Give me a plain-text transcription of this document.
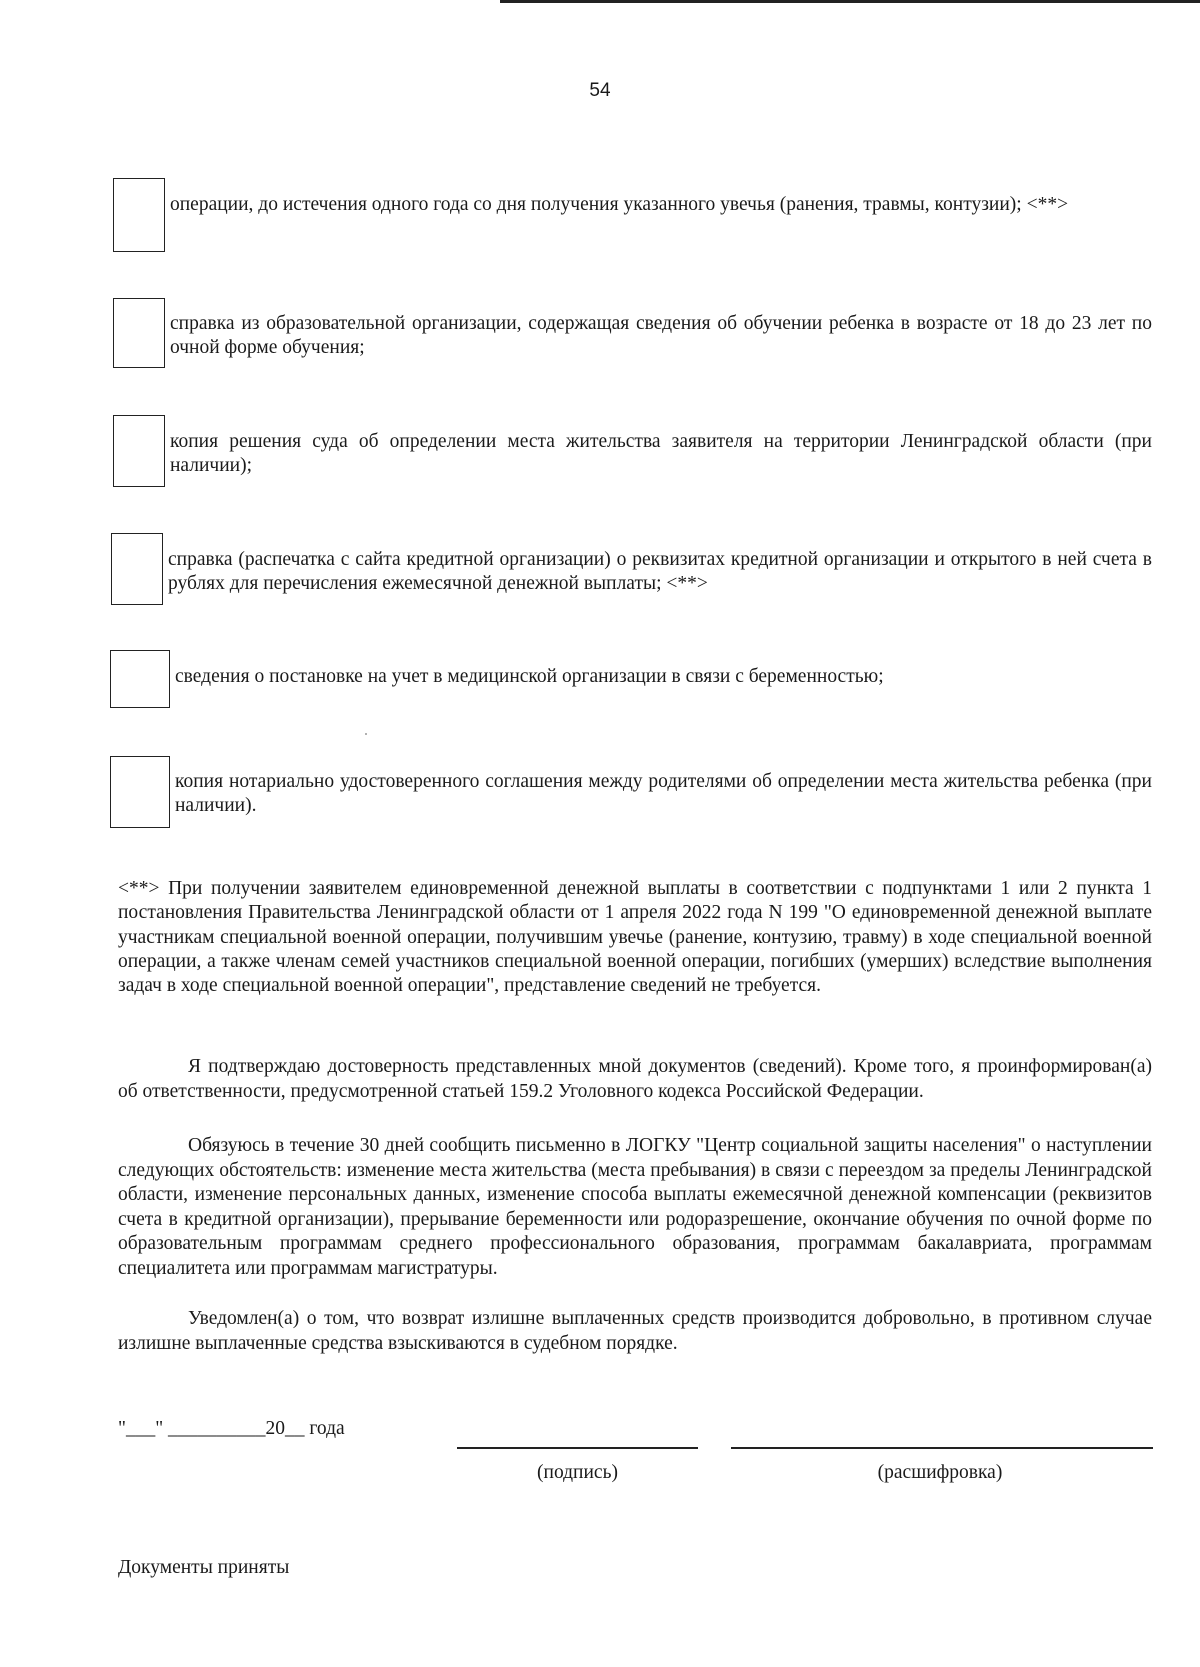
54
операции, до истечения одного года со дня получения указанного увечья (ранения, травмы, контузии); <**>
справка из образовательной организации, содержащая сведения об обучении ребенка в возрасте от 18 до 23 лет по очной форме обучения;
копия решения суда об определении места жительства заявителя на территории Ленинградской области (при наличии);
справка (распечатка с сайта кредитной организации) о реквизитах кредитной организации и открытого в ней счета в рублях для перечисления ежемесячной денежной выплаты; <**>
сведения о постановке на учет в медицинской организации в связи с беременностью;
копия нотариально удостоверенного соглашения между родителями об определении места жительства ребенка (при наличии).
<**> При получении заявителем единовременной денежной выплаты в соответствии с подпунктами 1 или 2 пункта 1 постановления Правительства Ленинградской области от 1 апреля 2022 года N 199 "О единовременной денежной выплате участникам специальной военной операции, получившим увечье (ранение, контузию, травму) в ходе специальной военной операции, а также членам семей участников специальной военной операции, погибших (умерших) вследствие выполнения задач в ходе специальной военной операции", представление сведений не требуется.
Я подтверждаю достоверность представленных мной документов (сведений). Кроме того, я проинформирован(а) об ответственности, предусмотренной статьей 159.2 Уголовного кодекса Российской Федерации.
Обязуюсь в течение 30 дней сообщить письменно в ЛОГКУ "Центр социальной защиты населения" о наступлении следующих обстоятельств: изменение места жительства (места пребывания) в связи с переездом за пределы Ленинградской области, изменение персональных данных, изменение способа выплаты ежемесячной денежной компенсации (реквизитов счета в кредитной организации), прерывание беременности или родоразрешение, окончание обучения по очной форме по образовательным программам среднего профессионального образования, программам бакалавриата, программам специалитета или программам магистратуры.
Уведомлен(а) о том, что возврат излишне выплаченных средств производится добровольно, в противном случае излишне выплаченные средства взыскиваются в судебном порядке.
"___" __________20__ года
(подпись)	(расшифровка)
Документы приняты
